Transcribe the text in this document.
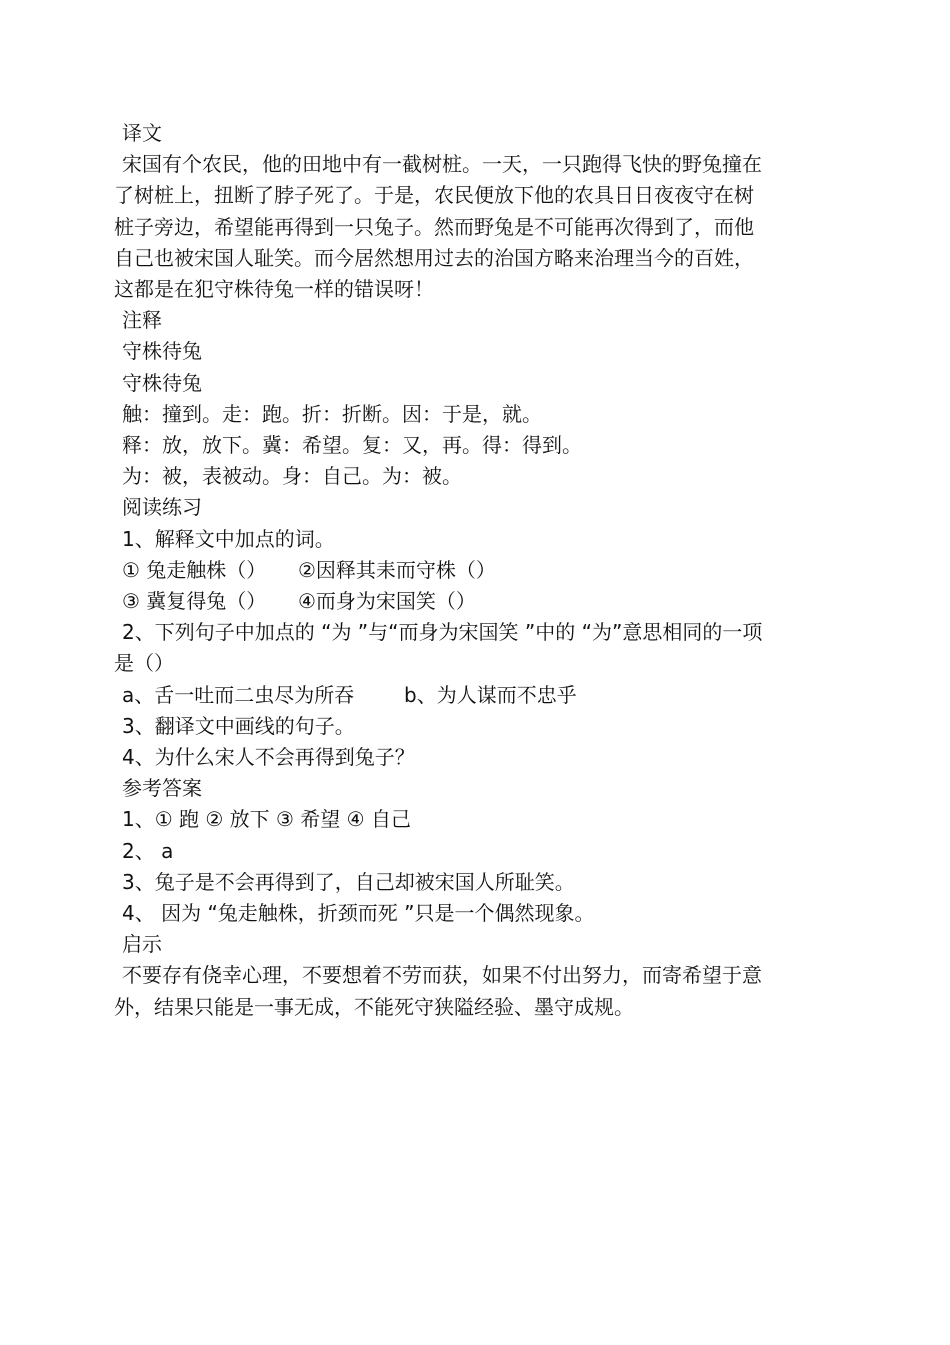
译文
宋国有个农民，他的田地中有一截树桩。一天，一只跑得飞快的野兔撞在了树桩上，扭断了脖子死了。于是，农民便放下他的农具日日夜夜守在树桩子旁边，希望能再得到一只兔子。然而野兔是不可能再次得到了，而他自己也被宋国人耻笑。而今居然想用过去的治国方略来治理当今的百姓，这都是在犯守株待兔一样的错误呀！
注释
守株待兔
守株待兔
触：撞到。走：跑。折：折断。因：于是，就。
释：放，放下。冀：希望。复：又，再。得：得到。
为：被，表被动。身：自己。为：被。
阅读练习
1、解释文中加点的词。
① 兔走触株（） ②因释其耒而守株（）
③ 冀复得兔（） ④而身为宋国笑（）
2、下列句子中加点的 “为 ”与“而身为宋国笑 ”中的 “为”意思相同的一项是（）
a、舌一吐而二虫尽为所吞 b、为人谋而不忠乎
3、翻译文中画线的句子。
4、为什么宋人不会再得到兔子？
参考答案
1、① 跑 ② 放下 ③ 希望 ④ 自己
2、 a
3、兔子是不会再得到了，自己却被宋国人所耻笑。
4、 因为 “兔走触株，折颈而死 ”只是一个偶然现象。
启示
不要存有侥幸心理，不要想着不劳而获，如果不付出努力，而寄希望于意外，结果只能是一事无成，不能死守狭隘经验、墨守成规。
